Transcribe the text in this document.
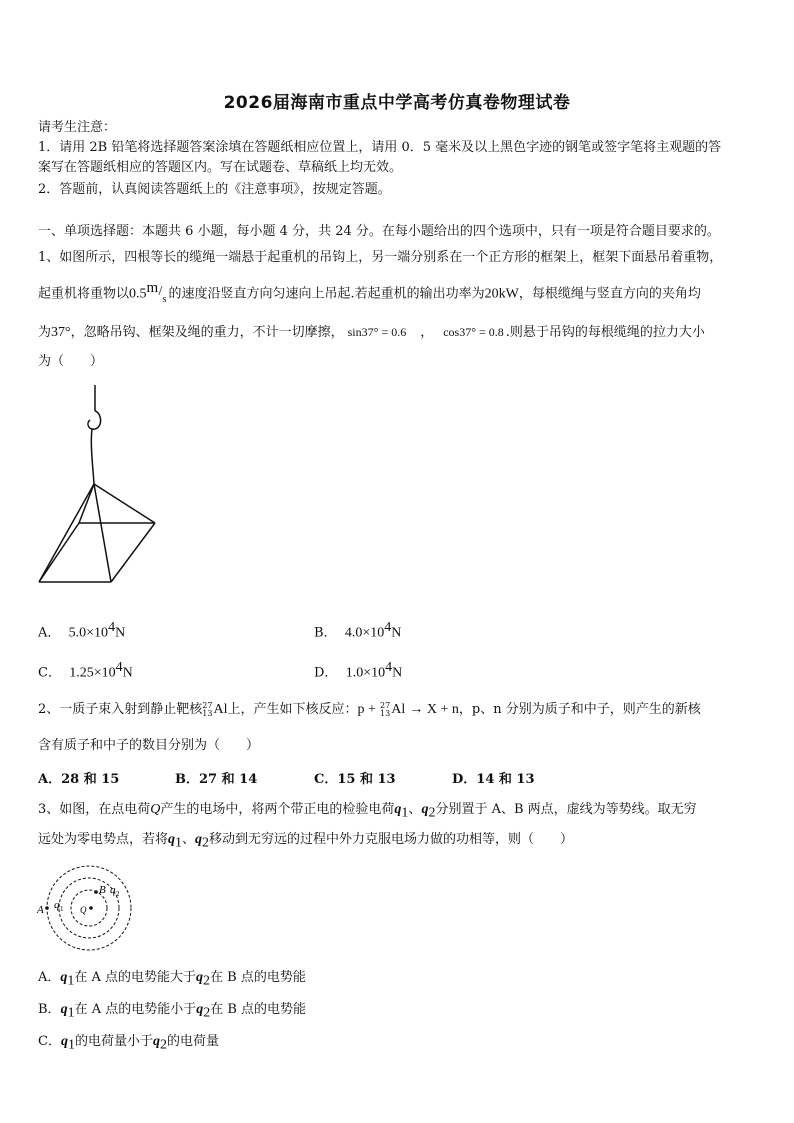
2026届海南市重点中学高考仿真卷物理试卷
请考生注意：
1．请用 2B 铅笔将选择题答案涂填在答题纸相应位置上，请用 0．5 毫米及以上黑色字迹的钢笔或签字笔将主观题的答
案写在答题纸相应的答题区内。写在试题卷、草稿纸上均无效。
2．答题前，认真阅读答题纸上的《注意事项》，按规定答题。
一、单项选择题：本题共 6 小题，每小题 4 分，共 24 分。在每小题给出的四个选项中，只有一项是符合题目要求的。
1、如图所示，四根等长的缆绳一端悬于起重机的吊钩上，另一端分别系在一个正方形的框架上，框架下面悬吊着重物，
起重机将重物以0.5 m /
s 的速度沿竖直方向匀速向上吊起.若起重机的输出功率为20kW，每根缆绳与竖直方向的夹角均
为37°，忽略吊钩、框架及绳的重力，不计一切摩擦， sin37° = 0.6 ， cos37° = 0.8 .则悬于吊钩的每根缆绳的拉力大小
为（　　）
A． $5.0\times 10^4N$	B． $4.0\times 10^4N$
C． $1.25\times 10^4N$	D． $1.0\times 10^4N$
2、一质子束入射到静止靶核27
13Al上，产生如下核反应：p + 27
13Al → X + n，p、n 分别为质子和中子，则产生的新核
含有质子和中子的数目分别为（　　）
A．28 和 15	B．27 和 14	C．15 和 13	D．14 和 13
3、如图，在点电荷Q产生的电场中，将两个带正电的检验电荷$q_1$、$q_2$分别置于 A、B 两点，虚线为等势线。取无穷
远处为零电势点，若将$q_1$、$q_2$移动到无穷远的过程中外力克服电场力做的功相等，则（　　）
A q 1
B q 2
Q
A．$q_1$在 A 点的电势能大于$q_2$在 B 点的电势能
B．$q_1$在 A 点的电势能小于$q_2$在 B 点的电势能
C．$q_1$的电荷量小于$q_2$的电荷量
